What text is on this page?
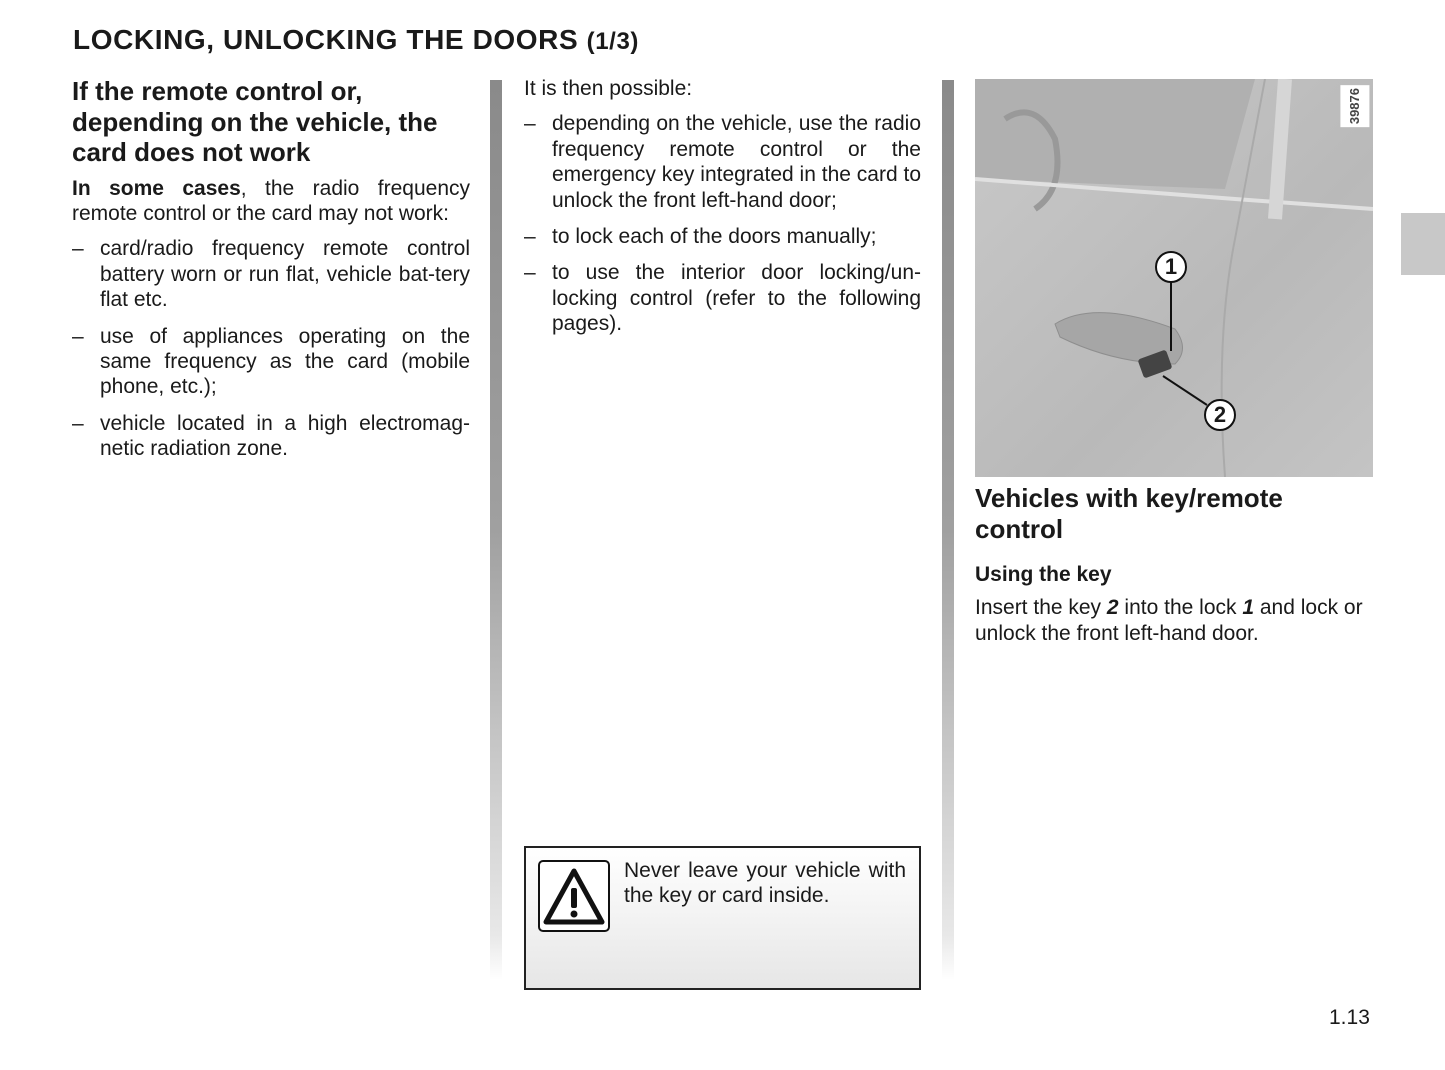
LOCKING, UNLOCKING THE DOORS (1/3)
If the remote control or, depending on the vehicle, the card does not work

In some cases, the radio frequency remote control or the card may not work:

– card/radio frequency remote control battery worn or run flat, vehicle bat-tery flat etc.
– use of appliances operating on the same frequency as the card (mobile phone, etc.);
– vehicle located in a high electromag-netic radiation zone.

It is then possible:

– depending on the vehicle, use the radio frequency remote control or the emergency key integrated in the card to unlock the front left-hand door;
– to lock each of the doors manually;
– to use the interior door locking/un-locking control (refer to the following pages).
Never leave your vehicle with the key or card inside.
39876
1
2
Vehicles with key/remote control
Using the key

Insert the key 2 into the lock 1 and lock or unlock the front left-hand door.

1.13
